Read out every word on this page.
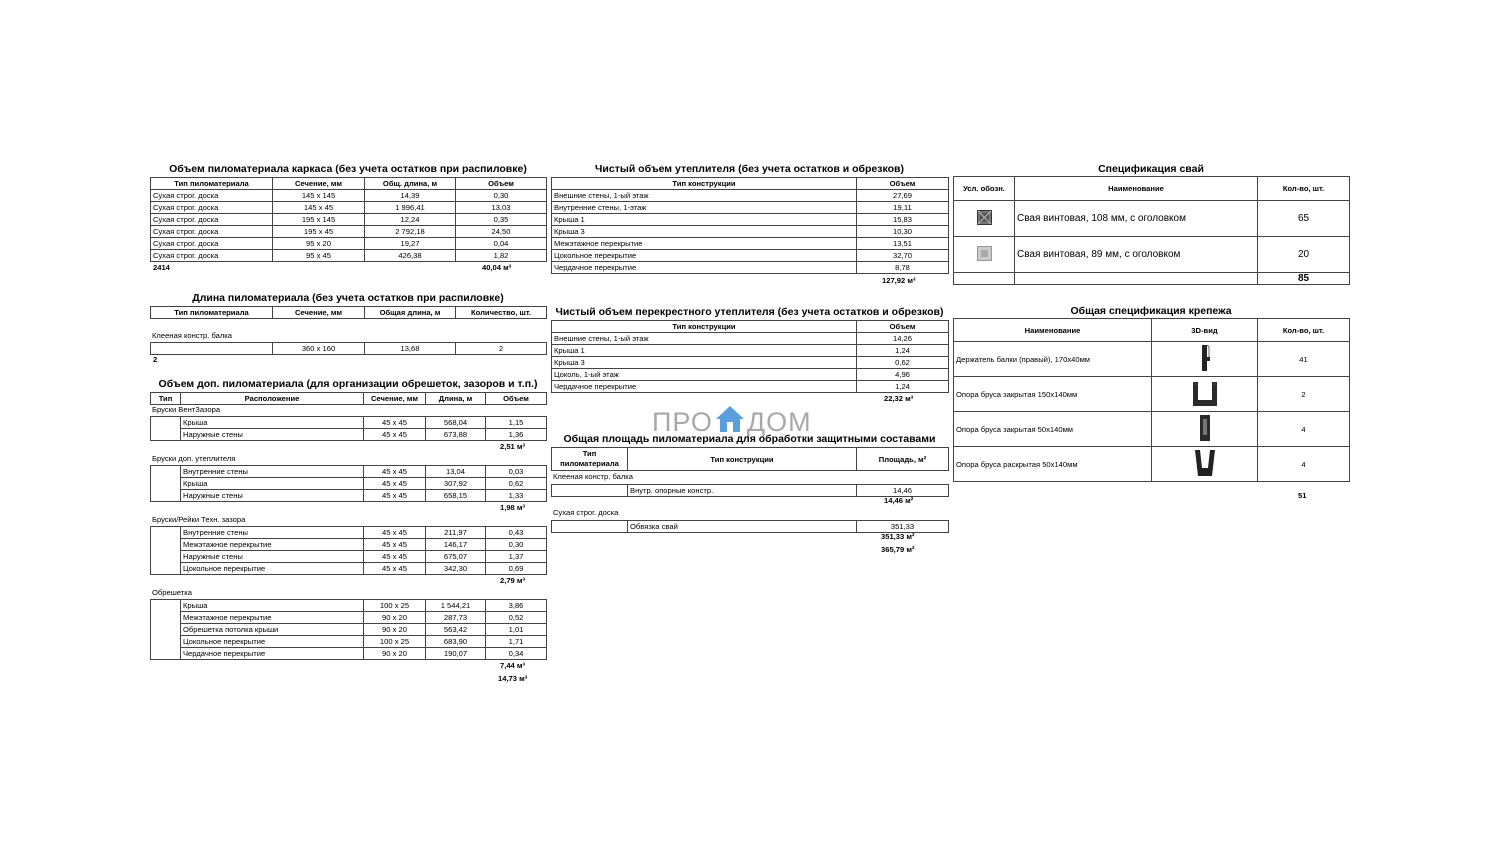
Объем пиломатериала каркаса (без учета остатков при распиловке)
Тип пиломатериала	Сечение, мм	Общ. длина, м	Объем
Сухая строг. доска	145 x 145	14,39	0,30
Сухая строг. доска	145 x 45	1 996,41	13,03
Сухая строг. доска	195 x 145	12,24	0,35
Сухая строг. доска	195 x 45	2 792,18	24,50
Сухая строг. доска	95 x 20	19,27	0,04
Сухая строг. доска	95 x 45	426,38	1,82
2414	40,04 м³
Длина пиломатериала (без учета остатков при распиловке)
Тип пиломатериала	Сечение, мм	Общая длина, м	Количество, шт.
Клееная констр. балка
	360 x 160	13,68	2
2
Объем доп. пиломатериала (для организации обрешеток, зазоров и т.п.)
Тип	Расположение	Сечение, мм	Длина, м	Объем
Бруски ВентЗазора
	Крыша	45 x 45	568,04	1,15
	Наружные стены	45 x 45	673,88	1,36
2,51 м³
Бруски доп. утеплителя
	Внутренние стены	45 x 45	13,04	0,03
	Крыша	45 x 45	307,92	0,62
	Наружные стены	45 x 45	658,15	1,33
1,98 м³
Бруски/Рейки Техн. зазора
	Внутренние стены	45 x 45	211,97	0,43
	Межэтажное перекрытие	45 x 45	146,17	0,30
	Наружные стены	45 x 45	675,07	1,37
	Цокольное перекрытие	45 x 45	342,30	0,69
2,79 м³
Обрешетка
	Крыша	100 x 25	1 544,21	3,86
	Межэтажное перекрытие	90 x 20	287,73	0,52
	Обрешетка потолка крыши	90 x 20	563,42	1,01
	Цокольное перекрытие	100 x 25	683,90	1,71
	Чердачное перекрытие	90 x 20	190,07	0,34
7,44 м³
14,73 м³
Чистый объем утеплителя (без учета остатков и обрезков)
Тип конструкции	Объем
Внешние стены, 1-ый этаж	27,69
Внутренние стены, 1-этаж	19,11
Крыша 1	15,83
Крыша 3	10,30
Межэтажное перекрытие	13,51
Цокольное перекрытие	32,70
Чердачное перекрытие	8,78
127,92 м³
Чистый объем перекрестного утеплителя (без учета остатков и обрезков)
Тип конструкции	Объем
Внешние стены, 1-ый этаж	14,26
Крыша 1	1,24
Крыша 3	0,62
Цоколь, 1-ый этаж	4,96
Чердачное перекрытие	1,24
22,32 м³
ПРО ДОМ
Общая площадь пиломатериала для обработки защитными составами
Тип пиломатериала	Тип конструкции	Площадь, м²
Клееная констр. балка
	Внутр. опорные констр.	14,46
14,46 м²
Сухая строг. доска
	Обвязка свай	351,33
351,33 м²
365,79 м²
Спецификация свай
Усл. обозн.	Наименование	Кол-во, шт.
	Свая винтовая, 108 мм, с оголовком	65
	Свая винтовая, 89 мм, с оголовком	20
		85
Общая спецификация крепежа
Наименование	3D-вид	Кол-во, шт.
Держатель балки (правый), 170x40мм		41
Опора бруса закрытая 150x140мм		2
Опора бруса закрытая 50x140мм		4
Опора бруса раскрытая 50x140мм		4
51
